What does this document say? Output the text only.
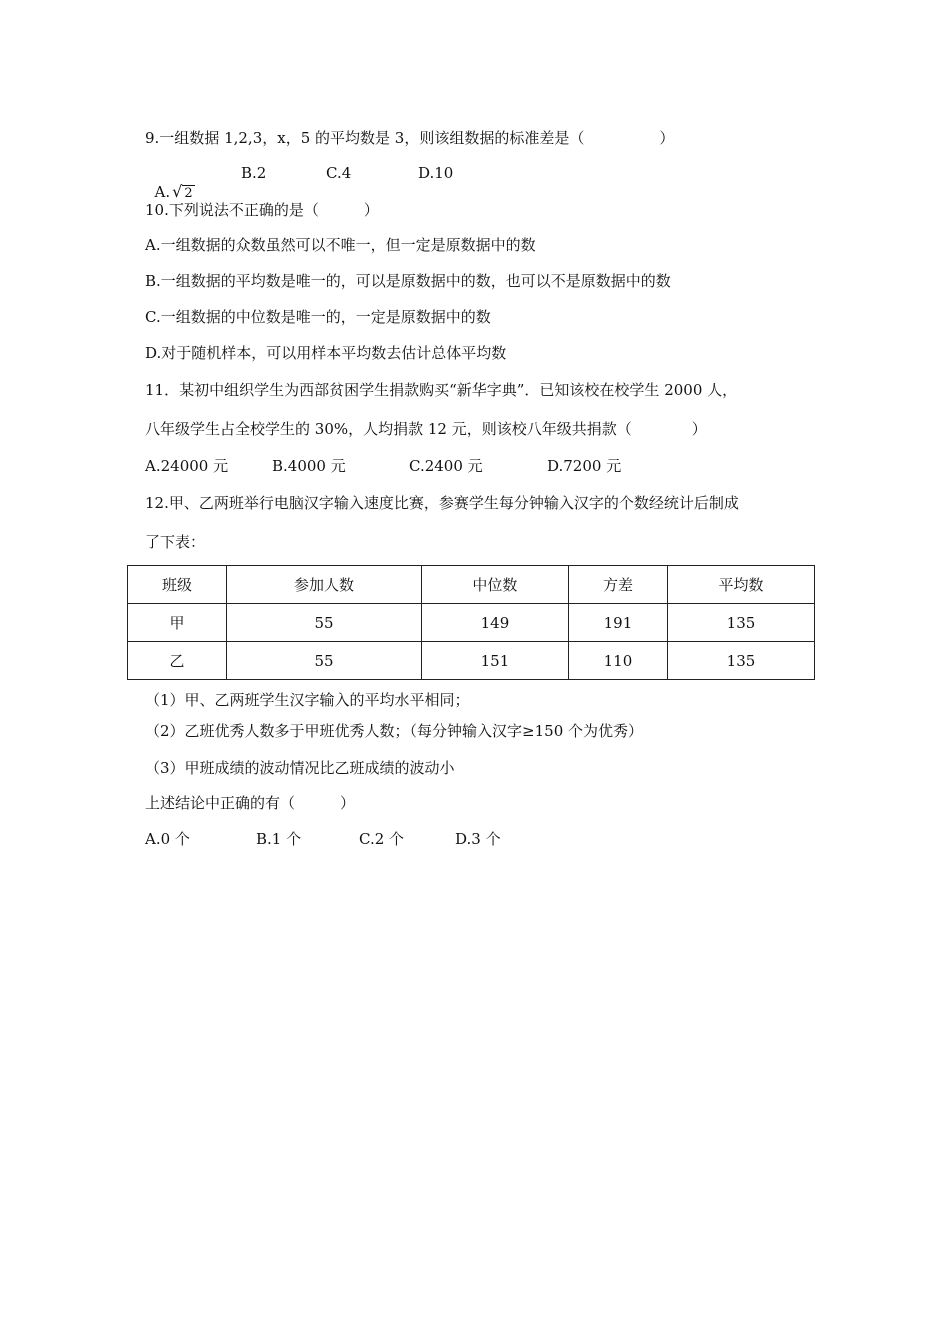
9.一组数据 1,2,3，x，5 的平均数是 3，则该组数据的标准差是（　　　　　）

A. √ 2

B.2	C.4	D.10
10.下列说法不正确的是（　　　）
A.一组数据的众数虽然可以不唯一，但一定是原数据中的数
B.一组数据的平均数是唯一的，可以是原数据中的数，也可以不是原数据中的数
C.一组数据的中位数是唯一的，一定是原数据中的数
D.对于随机样本，可以用样本平均数去估计总体平均数
11．某初中组织学生为西部贫困学生捐款购买“新华字典”．已知该校在校学生 2000 人，
八年级学生占全校学生的 30%，人均捐款 12 元，则该校八年级共捐款（　　　　）
A.24000 元	B.4000 元	C.2400 元	D.7200 元
12.甲、乙两班举行电脑汉字输入速度比赛，参赛学生每分钟输入汉字的个数经统计后制成
了下表：
班级	参加人数	中位数	方差	平均数
甲	55	149	191	135
乙	55	151	110	135
（1）甲、乙两班学生汉字输入的平均水平相同；
（2）乙班优秀人数多于甲班优秀人数；（每分钟输入汉字≥150 个为优秀）
（3）甲班成绩的波动情况比乙班成绩的波动小
上述结论中正确的有（　　　）
A.0 个	B.1 个	C.2 个	D.3 个
